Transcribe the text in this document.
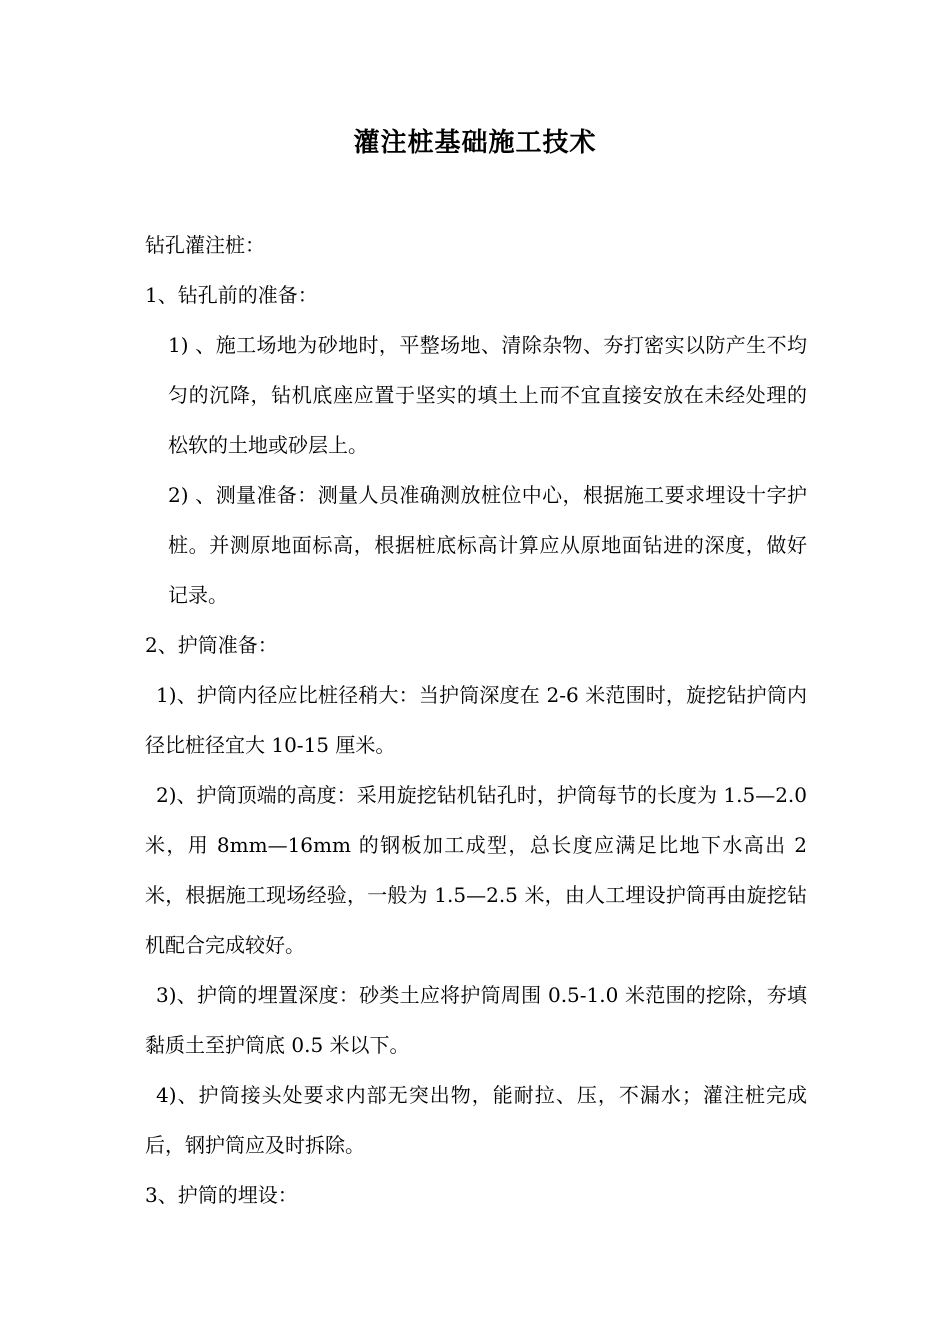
灌注桩基础施工技术

钻孔灌注桩：

1、钻孔前的准备：

1) 、施工场地为砂地时，平整场地、清除杂物、夯打密实以防产生不均匀的沉降，钻机底座应置于坚实的填土上而不宜直接安放在未经处理的松软的土地或砂层上。

2) 、测量准备：测量人员准确测放桩位中心，根据施工要求埋设十字护桩。并测原地面标高，根据桩底标高计算应从原地面钻进的深度，做好记录。

2、护筒准备：

1)、护筒内径应比桩径稍大：当护筒深度在 2-6 米范围时，旋挖钻护筒内径比桩径宜大 10-15 厘米。

2)、护筒顶端的高度：采用旋挖钻机钻孔时，护筒每节的长度为 1.5—2.0 米，用 8mm—16mm 的钢板加工成型，总长度应满足比地下水高出 2 米，根据施工现场经验，一般为 1.5—2.5 米，由人工埋设护筒再由旋挖钻机配合完成较好。

3)、护筒的埋置深度：砂类土应将护筒周围 0.5-1.0 米范围的挖除，夯填黏质土至护筒底 0.5 米以下。

4)、护筒接头处要求内部无突出物，能耐拉、压，不漏水；灌注桩完成后，钢护筒应及时拆除。

3、护筒的埋设：
